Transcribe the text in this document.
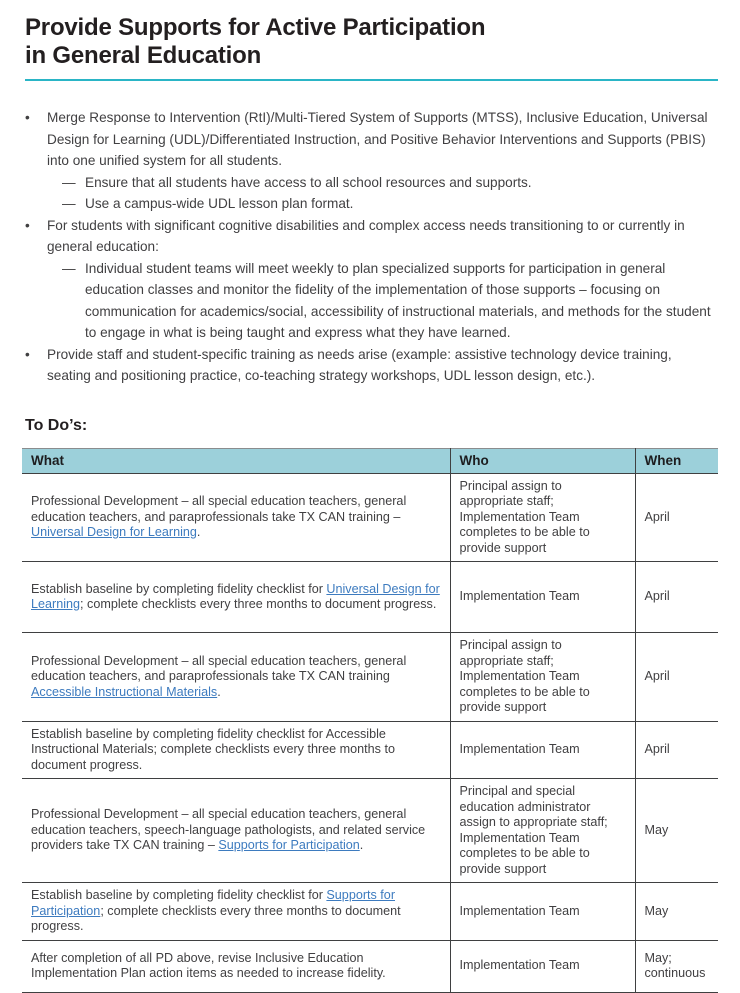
Provide Supports for Active Participation
in General Education
•	Merge Response to Intervention (RtI)/Multi-Tiered System of Supports (MTSS), Inclusive Education, Universal Design for Learning (UDL)/Differentiated Instruction, and Positive Behavior Interventions and Supports (PBIS) into one unified system for all students.
— Ensure that all students have access to all school resources and supports.
— Use a campus-wide UDL lesson plan format.
•	For students with significant cognitive disabilities and complex access needs transitioning to or currently in general education:
— Individual student teams will meet weekly to plan specialized supports for participation in general education classes and monitor the fidelity of the implementation of those supports – focusing on communication for academics/social, accessibility of instructional materials, and methods for the student to engage in what is being taught and express what they have learned.
•	Provide staff and student-specific training as needs arise (example: assistive technology device training, seating and positioning practice, co-teaching strategy workshops, UDL lesson design, etc.).
To Do’s:
What	Who	When
Professional Development – all special education teachers, general education teachers, and paraprofessionals take TX CAN training – Universal Design for Learning.	Principal assign to appropriate staff; Implementation Team completes to be able to provide support	April
Establish baseline by completing fidelity checklist for Universal Design for Learning; complete checklists every three months to document progress.	Implementation Team	April
Professional Development – all special education teachers, general education teachers, and paraprofessionals take TX CAN training Accessible Instructional Materials.	Principal assign to appropriate staff; Implementation Team completes to be able to provide support	April
Establish baseline by completing fidelity checklist for Accessible Instructional Materials; complete checklists every three months to document progress.	Implementation Team	April
Professional Development – all special education teachers, general education teachers, speech-language pathologists, and related service providers take TX CAN training – Supports for Participation.	Principal and special education administrator assign to appropriate staff; Implementation Team completes to be able to provide support	May
Establish baseline by completing fidelity checklist for Supports for Participation; complete checklists every three months to document progress.	Implementation Team	May
After completion of all PD above, revise Inclusive Education Implementation Plan action items as needed to increase fidelity.	Implementation Team	May; continuous
